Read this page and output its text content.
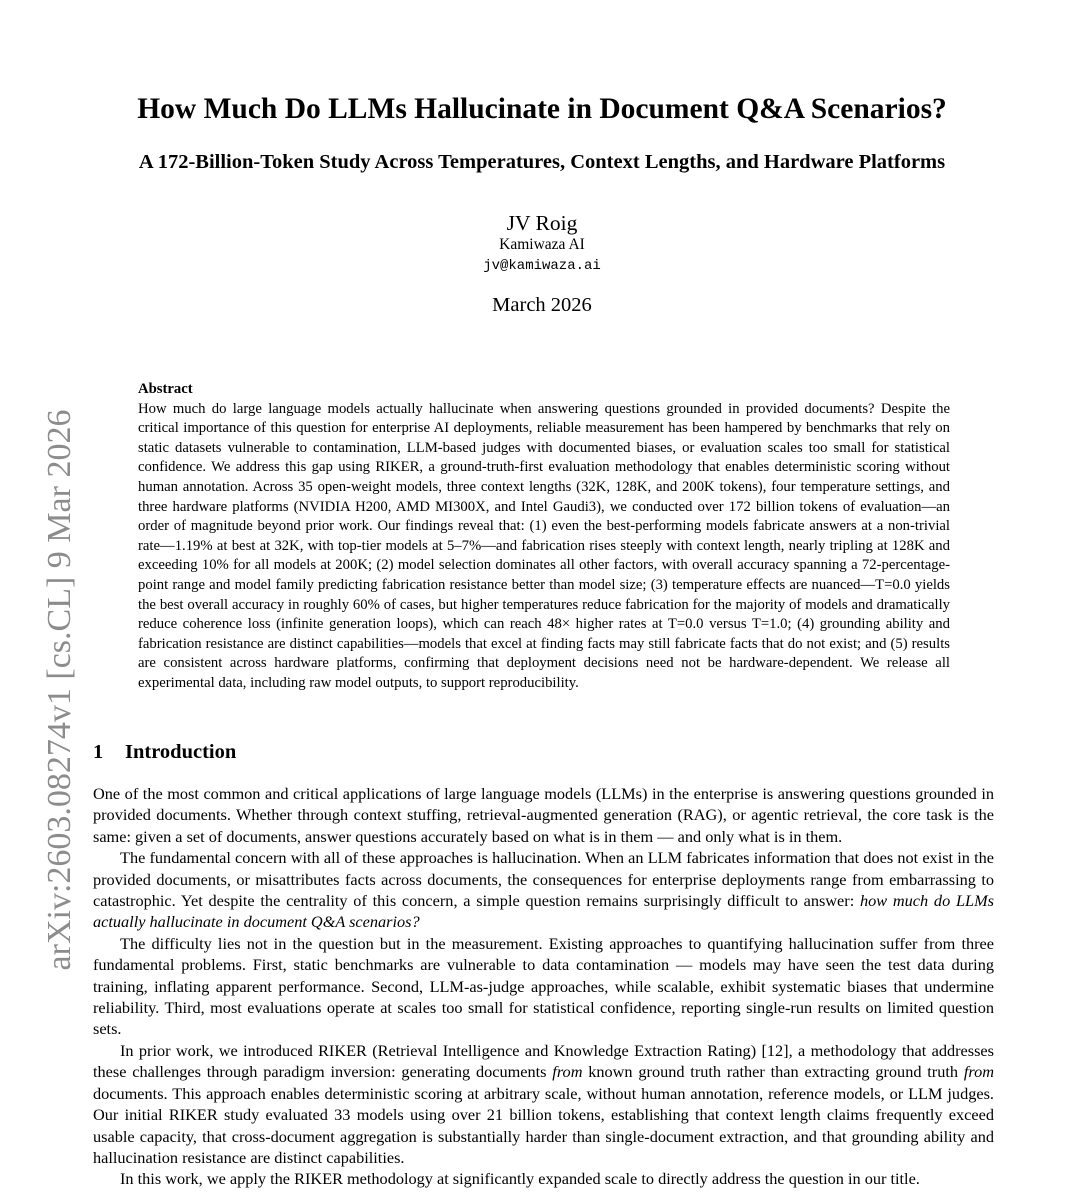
arXiv:2603.08274v1 [cs.CL] 9 Mar 2026
How Much Do LLMs Hallucinate in Document Q&A Scenarios?
A 172-Billion-Token Study Across Temperatures, Context Lengths, and Hardware Platforms
JV Roig
Kamiwaza AI
jv@kamiwaza.ai
March 2026
Abstract
How much do large language models actually hallucinate when answering questions grounded in provided documents? Despite the critical importance of this question for enterprise AI deployments, reliable measurement has been hampered by benchmarks that rely on static datasets vulnerable to contamination, LLM-based judges with documented biases, or evaluation scales too small for statistical confidence. We address this gap using RIKER, a ground-truth-first evaluation methodology that enables deterministic scoring without human annotation. Across 35 open-weight models, three context lengths (32K, 128K, and 200K tokens), four temperature settings, and three hardware platforms (NVIDIA H200, AMD MI300X, and Intel Gaudi3), we conducted over 172 billion tokens of evaluation—an order of magnitude beyond prior work. Our findings reveal that: (1) even the best-performing models fabricate answers at a non-trivial rate—1.19% at best at 32K, with top-tier models at 5–7%—and fabrication rises steeply with context length, nearly tripling at 128K and exceeding 10% for all models at 200K; (2) model selection dominates all other factors, with overall accuracy spanning a 72-percentage-point range and model family predicting fabrication resistance better than model size; (3) temperature effects are nuanced—T=0.0 yields the best overall accuracy in roughly 60% of cases, but higher temperatures reduce fabrication for the majority of models and dramatically reduce coherence loss (infinite generation loops), which can reach 48× higher rates at T=0.0 versus T=1.0; (4) grounding ability and fabrication resistance are distinct capabilities—models that excel at finding facts may still fabricate facts that do not exist; and (5) results are consistent across hardware platforms, confirming that deployment decisions need not be hardware-dependent. We release all experimental data, including raw model outputs, to support reproducibility.
1 Introduction

One of the most common and critical applications of large language models (LLMs) in the enterprise is answering questions grounded in provided documents. Whether through context stuffing, retrieval-augmented generation (RAG), or agentic retrieval, the core task is the same: given a set of documents, answer questions accurately based on what is in them — and only what is in them.

The fundamental concern with all of these approaches is hallucination. When an LLM fabricates information that does not exist in the provided documents, or misattributes facts across documents, the consequences for enterprise deployments range from embarrassing to catastrophic. Yet despite the centrality of this concern, a simple question remains surprisingly difficult to answer: how much do LLMs actually hallucinate in document Q&A scenarios?

The difficulty lies not in the question but in the measurement. Existing approaches to quantifying hallucination suffer from three fundamental problems. First, static benchmarks are vulnerable to data contamination — models may have seen the test data during training, inflating apparent performance. Second, LLM-as-judge approaches, while scalable, exhibit systematic biases that undermine reliability. Third, most evaluations operate at scales too small for statistical confidence, reporting single-run results on limited question sets.

In prior work, we introduced RIKER (Retrieval Intelligence and Knowledge Extraction Rating) [12], a methodology that addresses these challenges through paradigm inversion: generating documents from known ground truth rather than extracting ground truth from documents. This approach enables deterministic scoring at arbitrary scale, without human annotation, reference models, or LLM judges. Our initial RIKER study evaluated 33 models using over 21 billion tokens, establishing that context length claims frequently exceed usable capacity, that cross-document aggregation is substantially harder than single-document extraction, and that grounding ability and hallucination resistance are distinct capabilities.

In this work, we apply the RIKER methodology at significantly expanded scale to directly address the question in our title.
